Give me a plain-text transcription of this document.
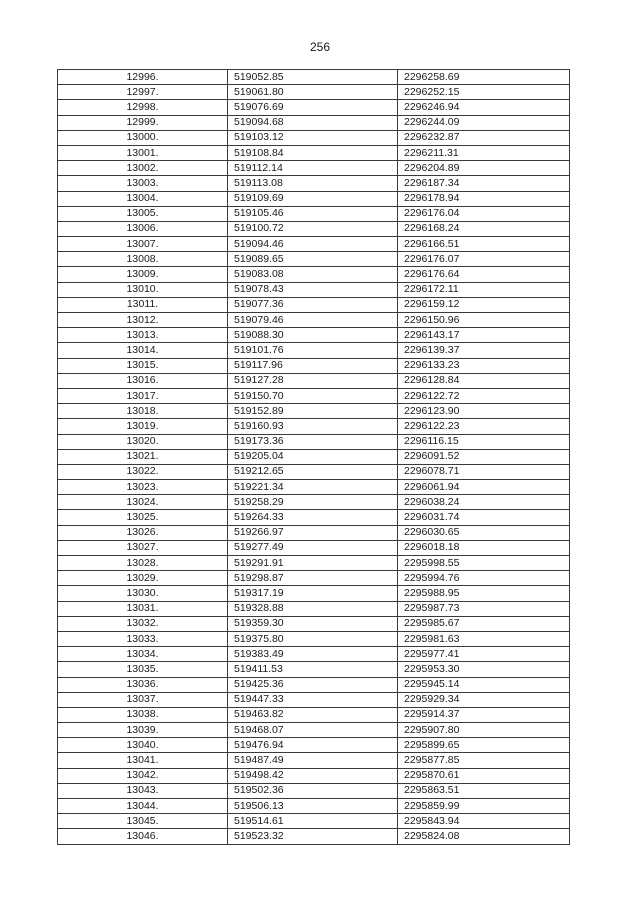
256
12996.	519052.85	2296258.69
12997.	519061.80	2296252.15
12998.	519076.69	2296246.94
12999.	519094.68	2296244.09
13000.	519103.12	2296232.87
13001.	519108.84	2296211.31
13002.	519112.14	2296204.89
13003.	519113.08	2296187.34
13004.	519109.69	2296178.94
13005.	519105.46	2296176.04
13006.	519100.72	2296168.24
13007.	519094.46	2296166.51
13008.	519089.65	2296176.07
13009.	519083.08	2296176.64
13010.	519078.43	2296172.11
13011.	519077.36	2296159.12
13012.	519079.46	2296150.96
13013.	519088.30	2296143.17
13014.	519101.76	2296139.37
13015.	519117.96	2296133.23
13016.	519127.28	2296128.84
13017.	519150.70	2296122.72
13018.	519152.89	2296123.90
13019.	519160.93	2296122.23
13020.	519173.36	2296116.15
13021.	519205.04	2296091.52
13022.	519212.65	2296078.71
13023.	519221.34	2296061.94
13024.	519258.29	2296038.24
13025.	519264.33	2296031.74
13026.	519266.97	2296030.65
13027.	519277.49	2296018.18
13028.	519291.91	2295998.55
13029.	519298.87	2295994.76
13030.	519317.19	2295988.95
13031.	519328.88	2295987.73
13032.	519359.30	2295985.67
13033.	519375.80	2295981.63
13034.	519383.49	2295977.41
13035.	519411.53	2295953.30
13036.	519425.36	2295945.14
13037.	519447.33	2295929.34
13038.	519463.82	2295914.37
13039.	519468.07	2295907.80
13040.	519476.94	2295899.65
13041.	519487.49	2295877.85
13042.	519498.42	2295870.61
13043.	519502.36	2295863.51
13044.	519506.13	2295859.99
13045.	519514.61	2295843.94
13046.	519523.32	2295824.08
